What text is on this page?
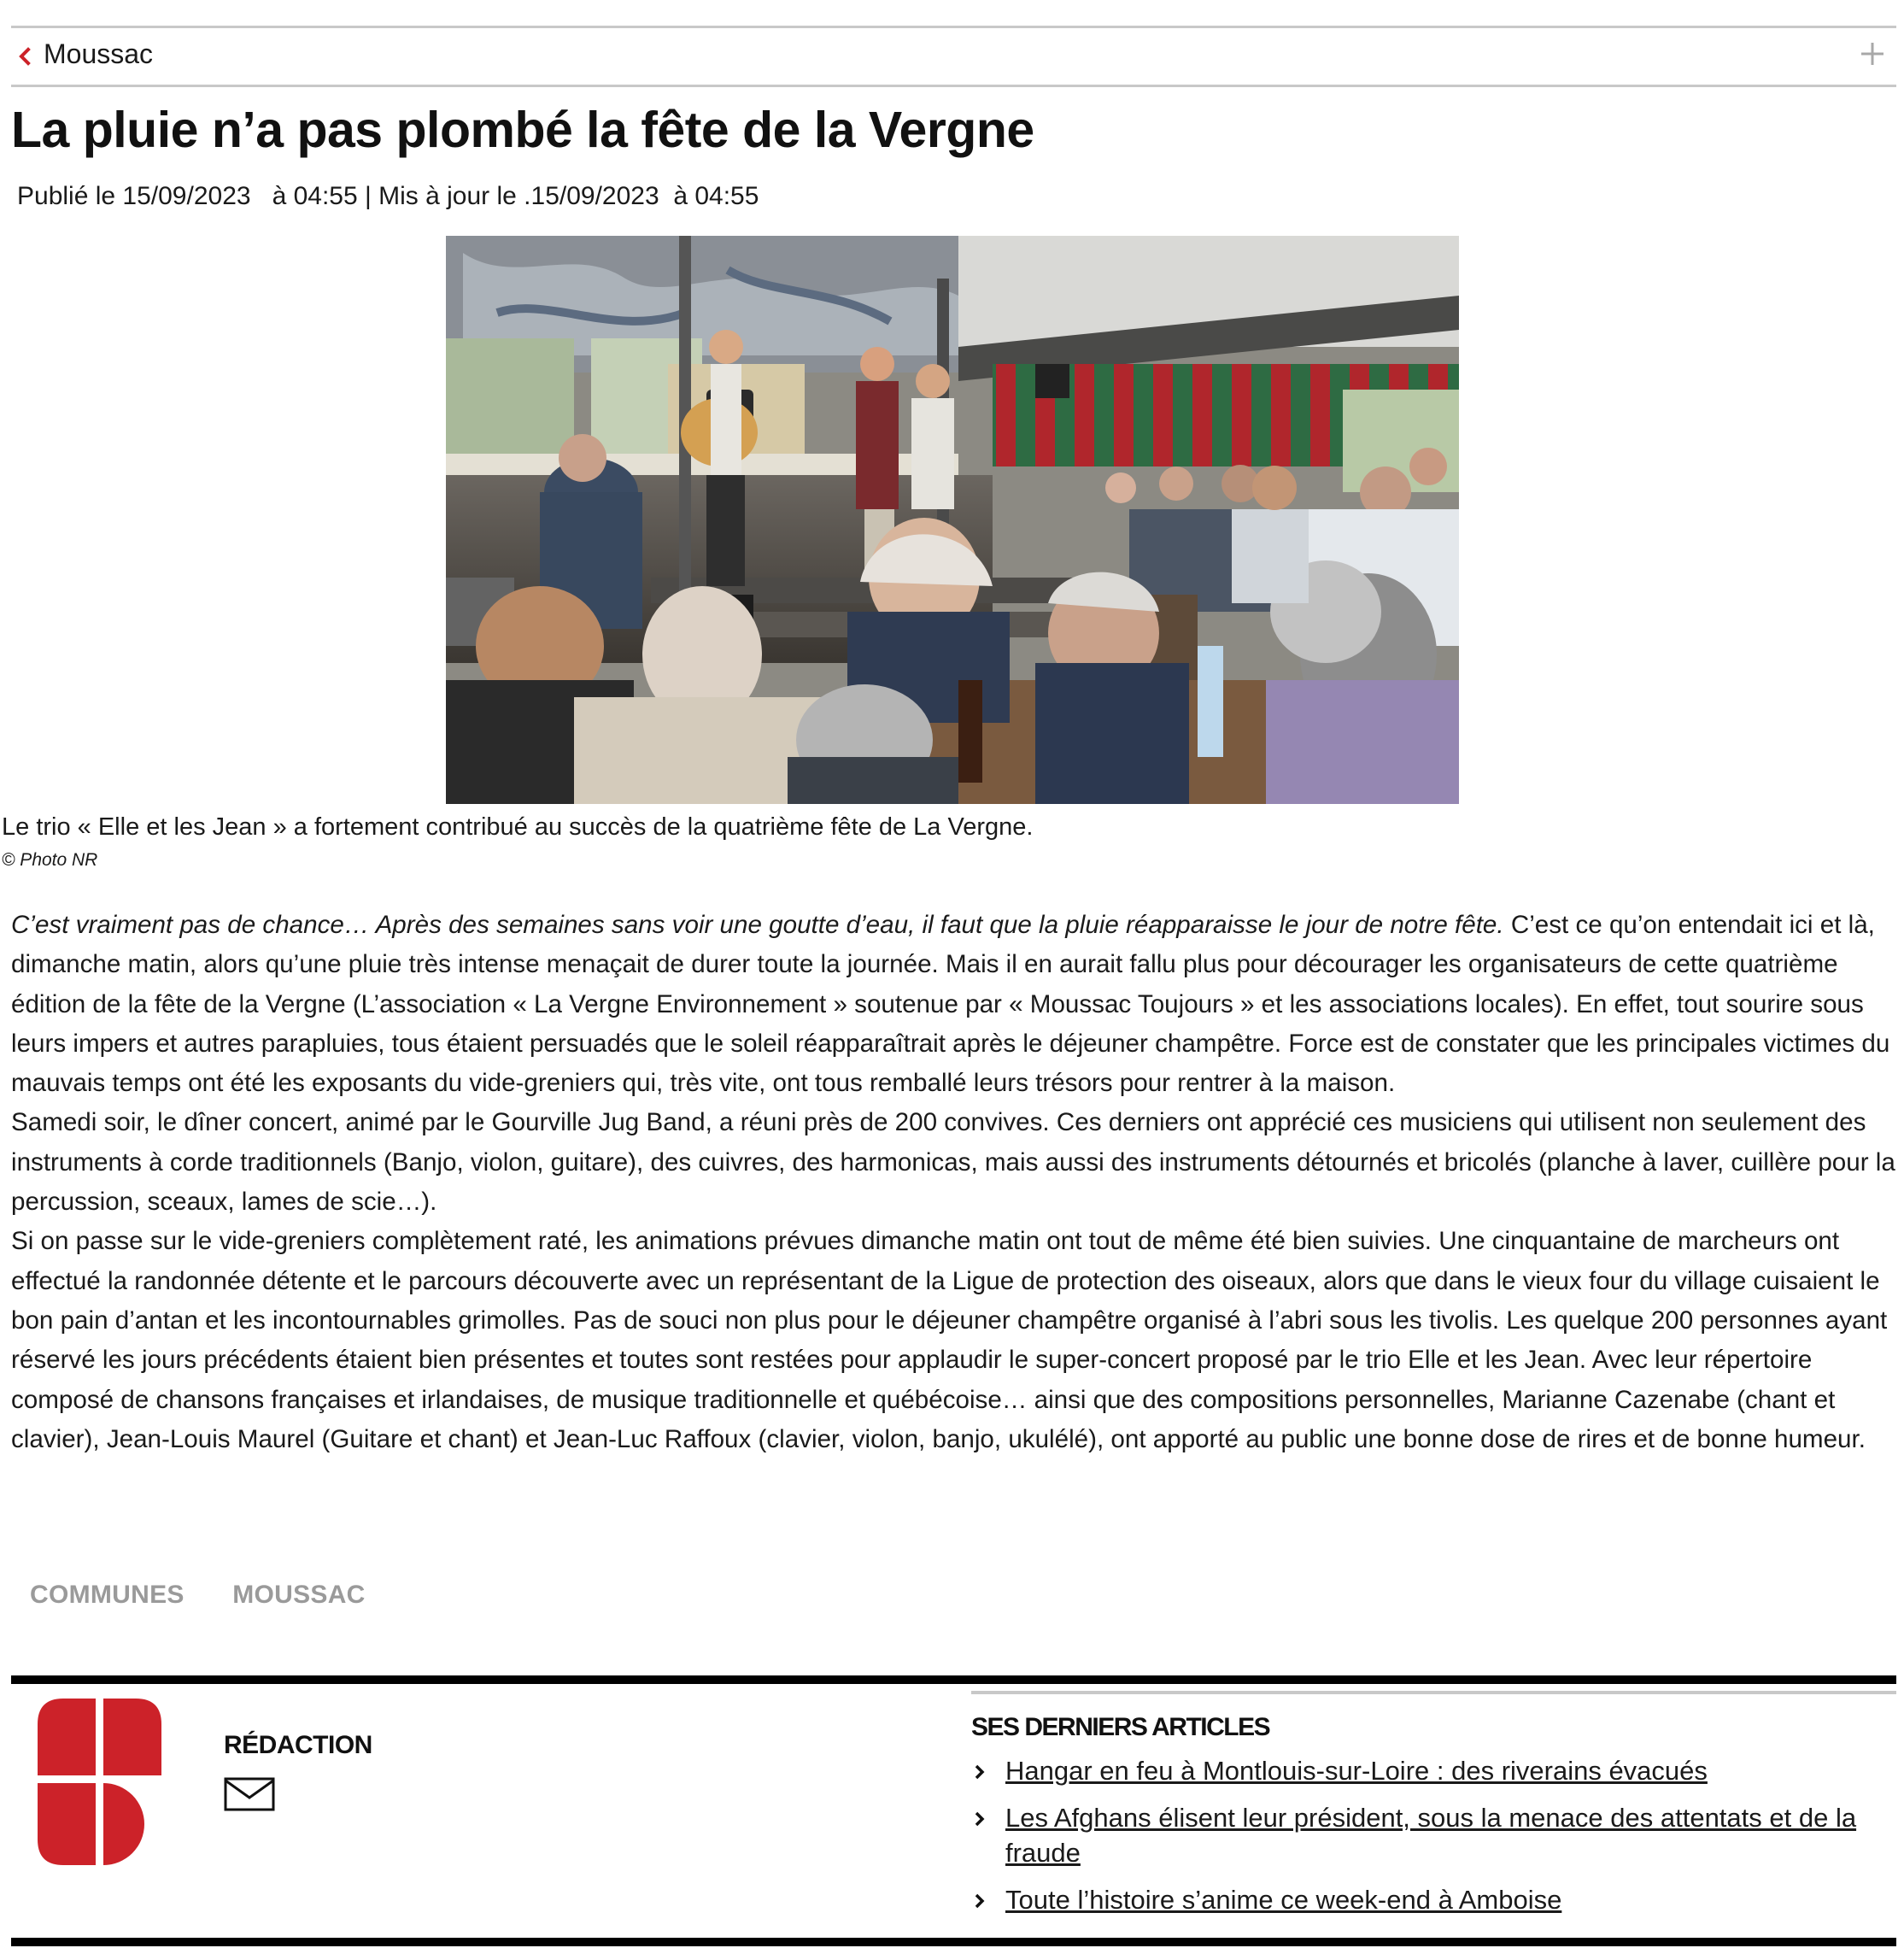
Moussac
La pluie n’a pas plombé la fête de la Vergne
Publié le 15/09/2023   à 04:55 | Mis à jour le .15/09/2023  à 04:55
Le trio « Elle et les Jean » a fortement contribué au succès de la quatrième fête de La Vergne.
© Photo NR

C’est vraiment pas de chance… Après des semaines sans voir une goutte d’eau, il faut que la pluie réapparaisse le jour de notre fête. C’est ce qu’on entendait ici et là, dimanche matin, alors qu’une pluie très intense menaçait de durer toute la journée. Mais il en aurait fallu plus pour décourager les organisateurs de cette quatrième édition de la fête de la Vergne (L’association « La Vergne Environnement » soutenue par « Moussac Toujours » et les associations locales). En effet, tout sourire sous leurs impers et autres parapluies, tous étaient persuadés que le soleil réapparaîtrait après le déjeuner champêtre. Force est de constater que les principales victimes du mauvais temps ont été les exposants du vide-greniers qui, très vite, ont tous remballé leurs trésors pour rentrer à la maison.

Samedi soir, le dîner concert, animé par le Gourville Jug Band, a réuni près de 200 convives. Ces derniers ont apprécié ces musiciens qui utilisent non seulement des instruments à corde traditionnels (Banjo, violon, guitare), des cuivres, des harmonicas, mais aussi des instruments détournés et bricolés (planche à laver, cuillère pour la percussion, sceaux, lames de scie…).

Si on passe sur le vide-greniers complètement raté, les animations prévues dimanche matin ont tout de même été bien suivies. Une cinquantaine de marcheurs ont effectué la randonnée détente et le parcours découverte avec un représentant de la Ligue de protection des oiseaux, alors que dans le vieux four du village cuisaient le bon pain d’antan et les incontournables grimolles. Pas de souci non plus pour le déjeuner champêtre organisé à l’abri sous les tivolis. Les quelque 200 personnes ayant réservé les jours précédents étaient bien présentes et toutes sont restées pour applaudir le super-concert proposé par le trio Elle et les Jean. Avec leur répertoire composé de chansons françaises et irlandaises, de musique traditionnelle et québécoise… ainsi que des compositions personnelles, Marianne Cazenabe (chant et clavier), Jean-Louis Maurel (Guitare et chant) et Jean-Luc Raffoux (clavier, violon, banjo, ukulélé), ont apporté au public une bonne dose de rires et de bonne humeur.

COMMUNES MOUSSAC
RÉDACTION
SES DERNIERS ARTICLES
Hangar en feu à Montlouis-sur-Loire : des riverains évacués
Les Afghans élisent leur président, sous la menace des attentats et de la fraude
Toute l’histoire s’anime ce week-end à Amboise
